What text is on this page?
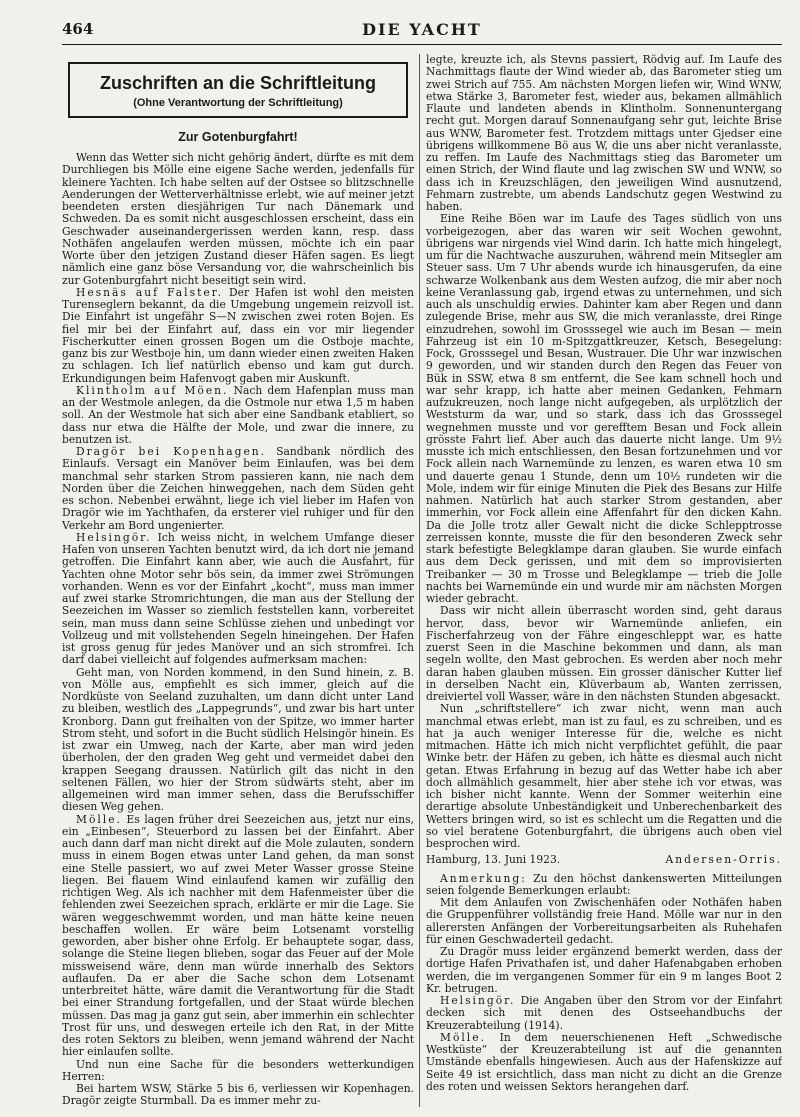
464	DIE YACHT
Zuschriften an die Schriftleitung
(Ohne Verantwortung der Schriftleitung)
Zur Gotenburgfahrt!

Wenn das Wetter sich nicht gehörig ändert, dürfte es mit dem Durchliegen bis Mölle eine eigene Sache werden, jedenfalls für kleinere Yachten. Ich habe selten auf der Ostsee so blitzschnelle Aenderungen der Wetterverhältnisse erlebt, wie auf meiner jetzt beendeten ersten diesjährigen Tur nach Dänemark und Schweden. Da es somit nicht ausgeschlossen erscheint, dass ein Geschwader auseinandergerissen werden kann, resp. dass Nothäfen angelaufen werden müssen, möchte ich ein paar Worte über den jetzigen Zustand dieser Häfen sagen. Es liegt nämlich eine ganz böse Versandung vor, die wahrscheinlich bis zur Gotenburgfahrt nicht beseitigt sein wird.

Hesnäs auf Falster. Der Hafen ist wohl den meisten Turenseglern bekannt, da die Umgebung ungemein reizvoll ist. Die Einfahrt ist ungefähr S—N zwischen zwei roten Bojen. Es fiel mir bei der Einfahrt auf, dass ein vor mir liegender Fischerkutter einen grossen Bogen um die Ostboje machte, ganz bis zur Westboje hin, um dann wieder einen zweiten Haken zu schlagen. Ich lief natürlich ebenso und kam gut durch. Erkundigungen beim Hafenvogt gaben mir Auskunft.

Klintholm auf Möen. Nach dem Hafenplan muss man an der Westmole anlegen, da die Ostmole nur etwa 1,5 m haben soll. An der Westmole hat sich aber eine Sandbank etabliert, so dass nur etwa die Hälfte der Mole, und zwar die innere, zu benutzen ist.

Dragör bei Kopenhagen. Sandbank nördlich des Einlaufs. Versagt ein Manöver beim Einlaufen, was bei dem manchmal sehr starken Strom passieren kann, nie nach dem Norden über die Zeichen hinweggehen, nach dem Süden geht es schon. Nebenbei erwähnt, liege ich viel lieber im Hafen von Dragör wie im Yachthafen, da ersterer viel ruhiger und für den Verkehr am Bord ungenierter.

Helsingör. Ich weiss nicht, in welchem Umfange dieser Hafen von unseren Yachten benutzt wird, da ich dort nie jemand getroffen. Die Einfahrt kann aber, wie auch die Ausfahrt, für Yachten ohne Motor sehr bös sein, da immer zwei Strömungen vorhanden. Wenn es vor der Einfahrt „kocht“, muss man immer auf zwei starke Stromrichtungen, die man aus der Stellung der Seezeichen im Wasser so ziemlich feststellen kann, vorbereitet sein, man muss dann seine Schlüsse ziehen und unbedingt vor Vollzeug und mit vollstehenden Segeln hineingehen. Der Hafen ist gross genug für jedes Manöver und an sich stromfrei. Ich darf dabei vielleicht auf folgendes aufmerksam machen:

Geht man, von Norden kommend, in den Sund hinein, z. B. von Mölle aus, empfiehlt es sich immer, gleich auf die Nordküste von Seeland zuzuhalten, um dann dicht unter Land zu bleiben, westlich des „Lappegrunds“, und zwar bis hart unter Kronborg. Dann gut freihalten von der Spitze, wo immer harter Strom steht, und sofort in die Bucht südlich Helsingör hinein. Es ist zwar ein Umweg, nach der Karte, aber man wird jeden überholen, der den graden Weg geht und vermeidet dabei den krappen Seegang draussen. Natürlich gilt das nicht in den seltenen Fällen, wo hier der Strom südwärts steht, aber im allgemeinen wird man immer sehen, dass die Berufsschiffer diesen Weg gehen.

Mölle. Es lagen früher drei Seezeichen aus, jetzt nur eins, ein „Einbesen“, Steuerbord zu lassen bei der Einfahrt. Aber auch dann darf man nicht direkt auf die Mole zulauten, sondern muss in einem Bogen etwas unter Land gehen, da man sonst eine Stelle passiert, wo auf zwei Meter Wasser grosse Steine liegen. Bei flauem Wind einlaufend kamen wir zufällig den richtigen Weg. Als ich nachher mit dem Hafenmeister über die fehlenden zwei Seezeichen sprach, erklärte er mir die Lage. Sie wären weggeschwemmt worden, und man hätte keine neuen beschaffen wollen. Er wäre beim Lotsenamt vorstellig geworden, aber bisher ohne Erfolg. Er behauptete sogar, dass, solange die Steine liegen blieben, sogar das Feuer auf der Mole missweisend wäre, denn man würde innerhalb des Sektors auflaufen. Da er aber die Sache schon dem Lotsenamt unterbreitet hätte, wäre damit die Verantwortung für die Stadt bei einer Strandung fortgefallen, und der Staat würde blechen müssen. Das mag ja ganz gut sein, aber immerhin ein schlechter Trost für uns, und deswegen erteile ich den Rat, in der Mitte des roten Sektors zu bleiben, wenn jemand während der Nacht hier einlaufen sollte.

Und nun eine Sache für die besonders wetterkundigen Herren:

Bei hartem WSW, Stärke 5 bis 6, verliessen wir Kopenhagen. Dragör zeigte Sturmball. Da es immer mehr zu-

legte, kreuzte ich, als Stevns passiert, Rödvig auf. Im Laufe des Nachmittags flaute der Wind wieder ab, das Barometer stieg um zwei Strich auf 755. Am nächsten Morgen liefen wir, Wind WNW, etwa Stärke 3, Barometer fest, wieder aus, bekamen allmählich Flaute und landeten abends in Klintholm. Sonnenuntergang recht gut. Morgen darauf Sonnenaufgang sehr gut, leichte Brise aus WNW, Barometer fest. Trotzdem mittags unter Gjedser eine übrigens willkommene Bö aus W, die uns aber nicht veranlasste, zu reffen. Im Laufe des Nachmittags stieg das Barometer um einen Strich, der Wind flaute und lag zwischen SW und WNW, so dass ich in Kreuzschlägen, den jeweiligen Wind ausnutzend, Fehmarn zustrebte, um abends Landschutz gegen Westwind zu haben.

Eine Reihe Böen war im Laufe des Tages südlich von uns vorbeigezogen, aber das waren wir seit Wochen gewohnt, übrigens war nirgends viel Wind darin. Ich hatte mich hingelegt, um für die Nachtwache auszuruhen, während mein Mitsegler am Steuer sass. Um 7 Uhr abends wurde ich hinausgerufen, da eine schwarze Wolkenbank aus dem Westen aufzog, die mir aber noch keine Veranlassung gab, irgend etwas zu unternehmen, und sich auch als unschuldig erwies. Dahinter kam aber Regen und dann zulegende Brise, mehr aus SW, die mich veranlasste, drei Ringe einzudrehen, sowohl im Grosssegel wie auch im Besan — mein Fahrzeug ist ein 10 m-Spitzgattkreuzer, Ketsch, Besegelung: Fock, Grosssegel und Besan, Wustrauer. Die Uhr war inzwischen 9 geworden, und wir standen durch den Regen das Feuer von Bük in SSW, etwa 8 sm entfernt, die See kam schnell hoch und war sehr krapp, ich hatte aber meinen Gedanken, Fehmarn aufzukreuzen, noch lange nicht aufgegeben, als urplötzlich der Weststurm da war, und so stark, dass ich das Grosssegel wegnehmen musste und vor gerefftem Besan und Fock allein grösste Fahrt lief. Aber auch das dauerte nicht lange. Um 9½ musste ich mich entschliessen, den Besan fortzunehmen und vor Fock allein nach Warnemünde zu lenzen, es waren etwa 10 sm und dauerte genau 1 Stunde, denn um 10½ rundeten wir die Mole, indem wir für einige Minuten die Piek des Besans zur Hilfe nahmen. Natürlich hat auch starker Strom gestanden, aber immerhin, vor Fock allein eine Affenfahrt für den dicken Kahn. Da die Jolle trotz aller Gewalt nicht die dicke Schlepptrosse zerreissen konnte, musste die für den besonderen Zweck sehr stark befestigte Belegklampe daran glauben. Sie wurde einfach aus dem Deck gerissen, und mit dem so improvisierten Treibanker — 30 m Trosse und Belegklampe — trieb die Jolle nachts bei Warnemünde ein und wurde mir am nächsten Morgen wieder gebracht.

Dass wir nicht allein überrascht worden sind, geht daraus hervor, dass, bevor wir Warnemünde anliefen, ein Fischerfahrzeug von der Fähre eingeschleppt war, es hatte zuerst Seen in die Maschine bekommen und dann, als man segeln wollte, den Mast gebrochen. Es werden aber noch mehr daran haben glauben müssen. Ein grosser dänischer Kutter lief in derselben Nacht ein, Klüverbaum ab, Wanten zerrissen, dreiviertel voll Wasser, wäre in den nächsten Stunden abgesackt.

Nun „schriftstellere“ ich zwar nicht, wenn man auch manchmal etwas erlebt, man ist zu faul, es zu schreiben, und es hat ja auch weniger Interesse für die, welche es nicht mitmachen. Hätte ich mich nicht verpflichtet gefühlt, die paar Winke betr. der Häfen zu geben, ich hätte es diesmal auch nicht getan. Etwas Erfahrung in bezug auf das Wetter habe ich aber doch allmählich gesammelt, hier aber stehe ich vor etwas, was ich bisher nicht kannte. Wenn der Sommer weiterhin eine derartige absolute Unbeständigkeit und Unberechenbarkeit des Wetters bringen wird, so ist es schlecht um die Regatten und die so viel beratene Gotenburgfahrt, die übrigens auch oben viel besprochen wird.

Hamburg, 13. Juni 1923.	Andersen-Orris.

Anmerkung: Zu den höchst dankenswerten Mitteilungen seien folgende Bemerkungen erlaubt:

Mit dem Anlaufen von Zwischenhäfen oder Nothäfen haben die Gruppenführer vollständig freie Hand. Mölle war nur in den allerersten Anfängen der Vorbereitungsarbeiten als Ruhehafen für einen Geschwaderteil gedacht.

Zu Dragör muss leider ergänzend bemerkt werden, dass der dortige Hafen Privathafen ist, und daher Hafenabgaben erhoben werden, die im vergangenen Sommer für ein 9 m langes Boot 2 Kr. betrugen.

Helsingör. Die Angaben über den Strom vor der Einfahrt decken sich mit denen des Ostseehandbuchs der Kreuzerabteilung (1914).

Mölle. In dem neuerschienenen Heft „Schwedische Westküste“ der Kreuzerabteilung ist auf die genannten Umstände ebenfalls hingewiesen. Auch aus der Hafenskizze auf Seite 49 ist ersichtlich, dass man nicht zu dicht an die Grenze des roten und weissen Sektors herangehen darf.
